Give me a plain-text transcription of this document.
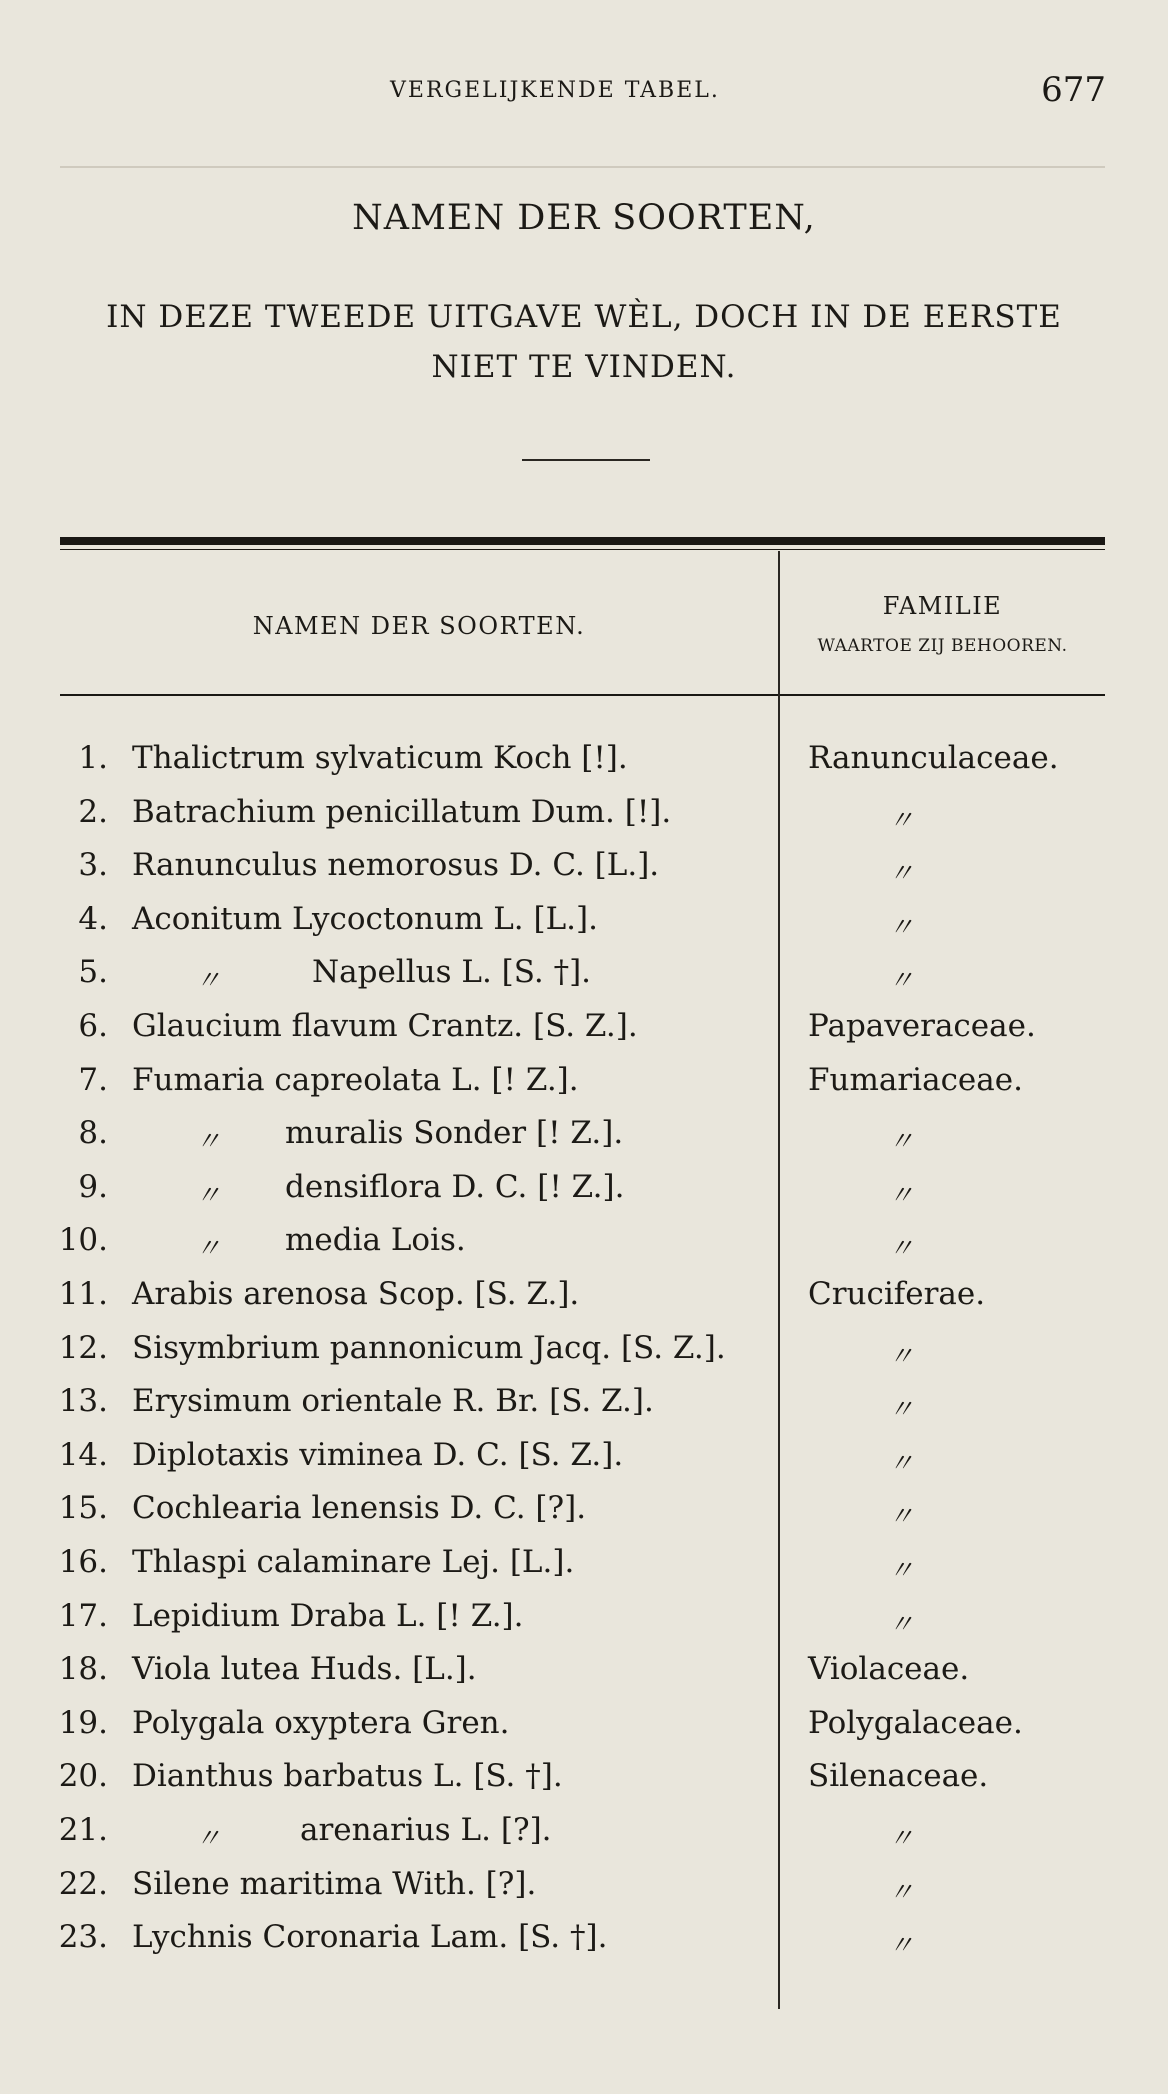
VERGELIJKENDE TABEL.	677
NAMEN DER SOORTEN,
IN DEZE TWEEDE UITGAVE WÈL, DOCH IN DE EERSTE NIET TE VINDEN.
NAMEN DER SOORTEN.
FAMILIE
WAARTOE ZIJ BEHOOREN.
1. Thalictrum sylvaticum Koch [!].	Ranunculaceae.
2. Batrachium penicillatum Dum. [!].	〃
3. Ranunculus nemorosus D. C. [L.].	〃
4. Aconitum Lycoctonum L. [L.].	〃
5.	〃	Napellus L. [S. †].	〃
6. Glaucium flavum Crantz. [S. Z.].	Papaveraceae.
7. Fumaria capreolata L. [! Z.].	Fumariaceae.
8.	〃 muralis Sonder [! Z.].	〃
9.	〃 densiflora D. C. [! Z.].	〃
10.	〃 media Lois.	〃
11. Arabis arenosa Scop. [S. Z.].	Cruciferae.
12. Sisymbrium pannonicum Jacq. [S. Z.].	〃
13. Erysimum orientale R. Br. [S. Z.].	〃
14. Diplotaxis viminea D. C. [S. Z.].	〃
15. Cochlearia lenensis D. C. [?].	〃
16. Thlaspi calaminare Lej. [L.].	〃
17. Lepidium Draba L. [! Z.].	〃
18. Viola lutea Huds. [L.].	Violaceae.
19. Polygala oxyptera Gren.	Polygalaceae.
20. Dianthus barbatus L. [S. †].	Silenaceae.
21.	〃	arenarius L. [?].	〃
22. Silene maritima With. [?].	〃
23. Lychnis Coronaria Lam. [S. †].	〃
